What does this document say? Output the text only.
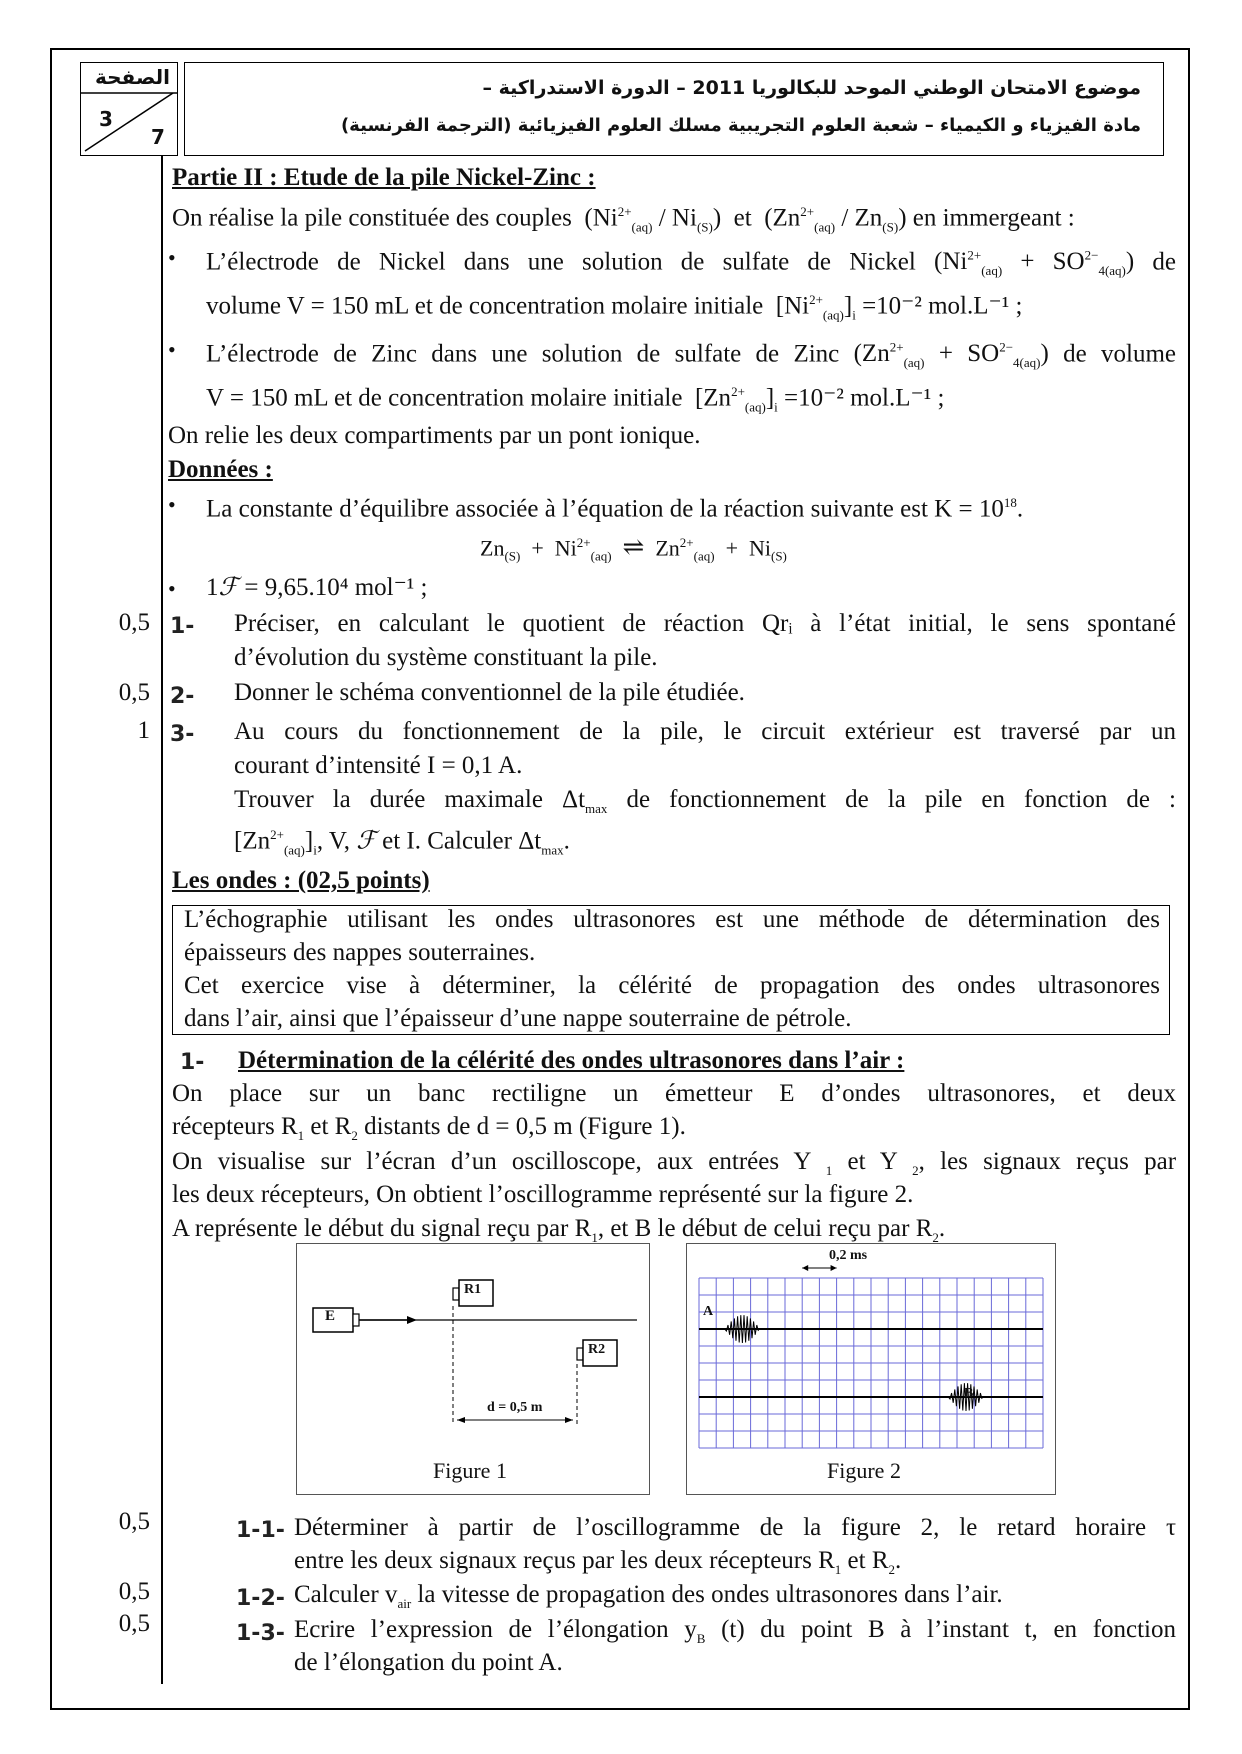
الصفحة
3
7
موضوع الامتحان الوطني الموحد للبكالوريا 2011 – الدورة الاستدراكية –
مادة الفيزياء و الكيمياء – شعبة العلوم التجريبية مسلك العلوم الفيزيائية (الترجمة الفرنسية)
Partie II : Etude de la pile Nickel-Zinc :
On réalise la pile constituée des couples  $(Ni^{2+}_{(aq)} / Ni_{(S)})$  et  $(Zn^{2+}_{(aq)} / Zn_{(S)})$ en immergeant :
• L’électrode de Nickel dans une solution de sulfate de Nickel $(Ni^{2+}_{(aq)} + SO^{2-}_{4(aq)})$ de
volume V = 150 mL et de concentration molaire initiale  $[Ni^{2+}_{(aq)}]_i =10^{-2}$ mol.L⁻¹ ;
• L’électrode de Zinc dans une solution de sulfate de Zinc $(Zn^{2+}_{(aq)} + SO^{2-}_{4(aq)})$ de volume
V = 150 mL et de concentration molaire initiale  $[Zn^{2+}_{(aq)}]_i =10^{-2}$ mol.L⁻¹ ;
On relie les deux compartiments par un pont ionique.
Données :
• La constante d’équilibre associée à l’équation de la réaction suivante est $K = 10^{18}$.
$Zn_{(S)} + Ni^{2+}_{(aq)}$ ⇌  $Zn^{2+}_{(aq)} + Ni_{(S)}$
• 1ℱ = 9,65.10⁴ mol⁻¹ ;
0,5 1- Préciser, en calculant le quotient de réaction Qrᵢ à l’état initial, le sens spontané
d’évolution du système constituant la pile.
0,5 2- Donner le schéma conventionnel de la pile étudiée.
1 3- Au cours du fonctionnement de la pile, le circuit extérieur est traversé par un
courant d’intensité I = 0,1 A.
Trouver la durée maximale $\Delta t_{max}$ de fonctionnement de la pile en fonction de :
$[Zn^{2+}_{(aq)}]_i$, V, ℱ et I. Calculer $\Delta t_{max}$.
Les ondes : (02,5 points)
L’échographie utilisant les ondes ultrasonores est une méthode de détermination des
épaisseurs des nappes souterraines.
Cet exercice vise à déterminer, la célérité de propagation des ondes ultrasonores
dans l’air, ainsi que l’épaisseur d’une nappe souterraine de pétrole.
1- Détermination de la célérité des ondes ultrasonores dans l’air :
On place sur un banc rectiligne un émetteur E d’ondes ultrasonores, et deux
récepteurs $R_1$ et $R_2$ distants de d = 0,5 m (Figure 1).
On visualise sur l’écran d’un oscilloscope, aux entrées Y $_1$ et Y $_2$, les signaux reçus par
les deux récepteurs, On obtient l’oscillogramme représenté sur la figure 2.
A représente le début du signal reçu par $R_1$, et B le début de celui reçu par $R_2$.
E
R1
R2
d = 0,5 m
Figure 1
0,2 ms
A
B
Figure 2
0,5	1-1- Déterminer à partir de l’oscillogramme de la figure 2, le retard horaire τ
entre les deux signaux reçus par les deux récepteurs $R_1$ et $R_2$.
0,5	1-2- Calculer $v_{air}$ la vitesse de propagation des ondes ultrasonores dans l’air.
0,5	1-3- Ecrire l’expression de l’élongation $y_B$ (t) du point B à l’instant t, en fonction
de l’élongation du point A.
